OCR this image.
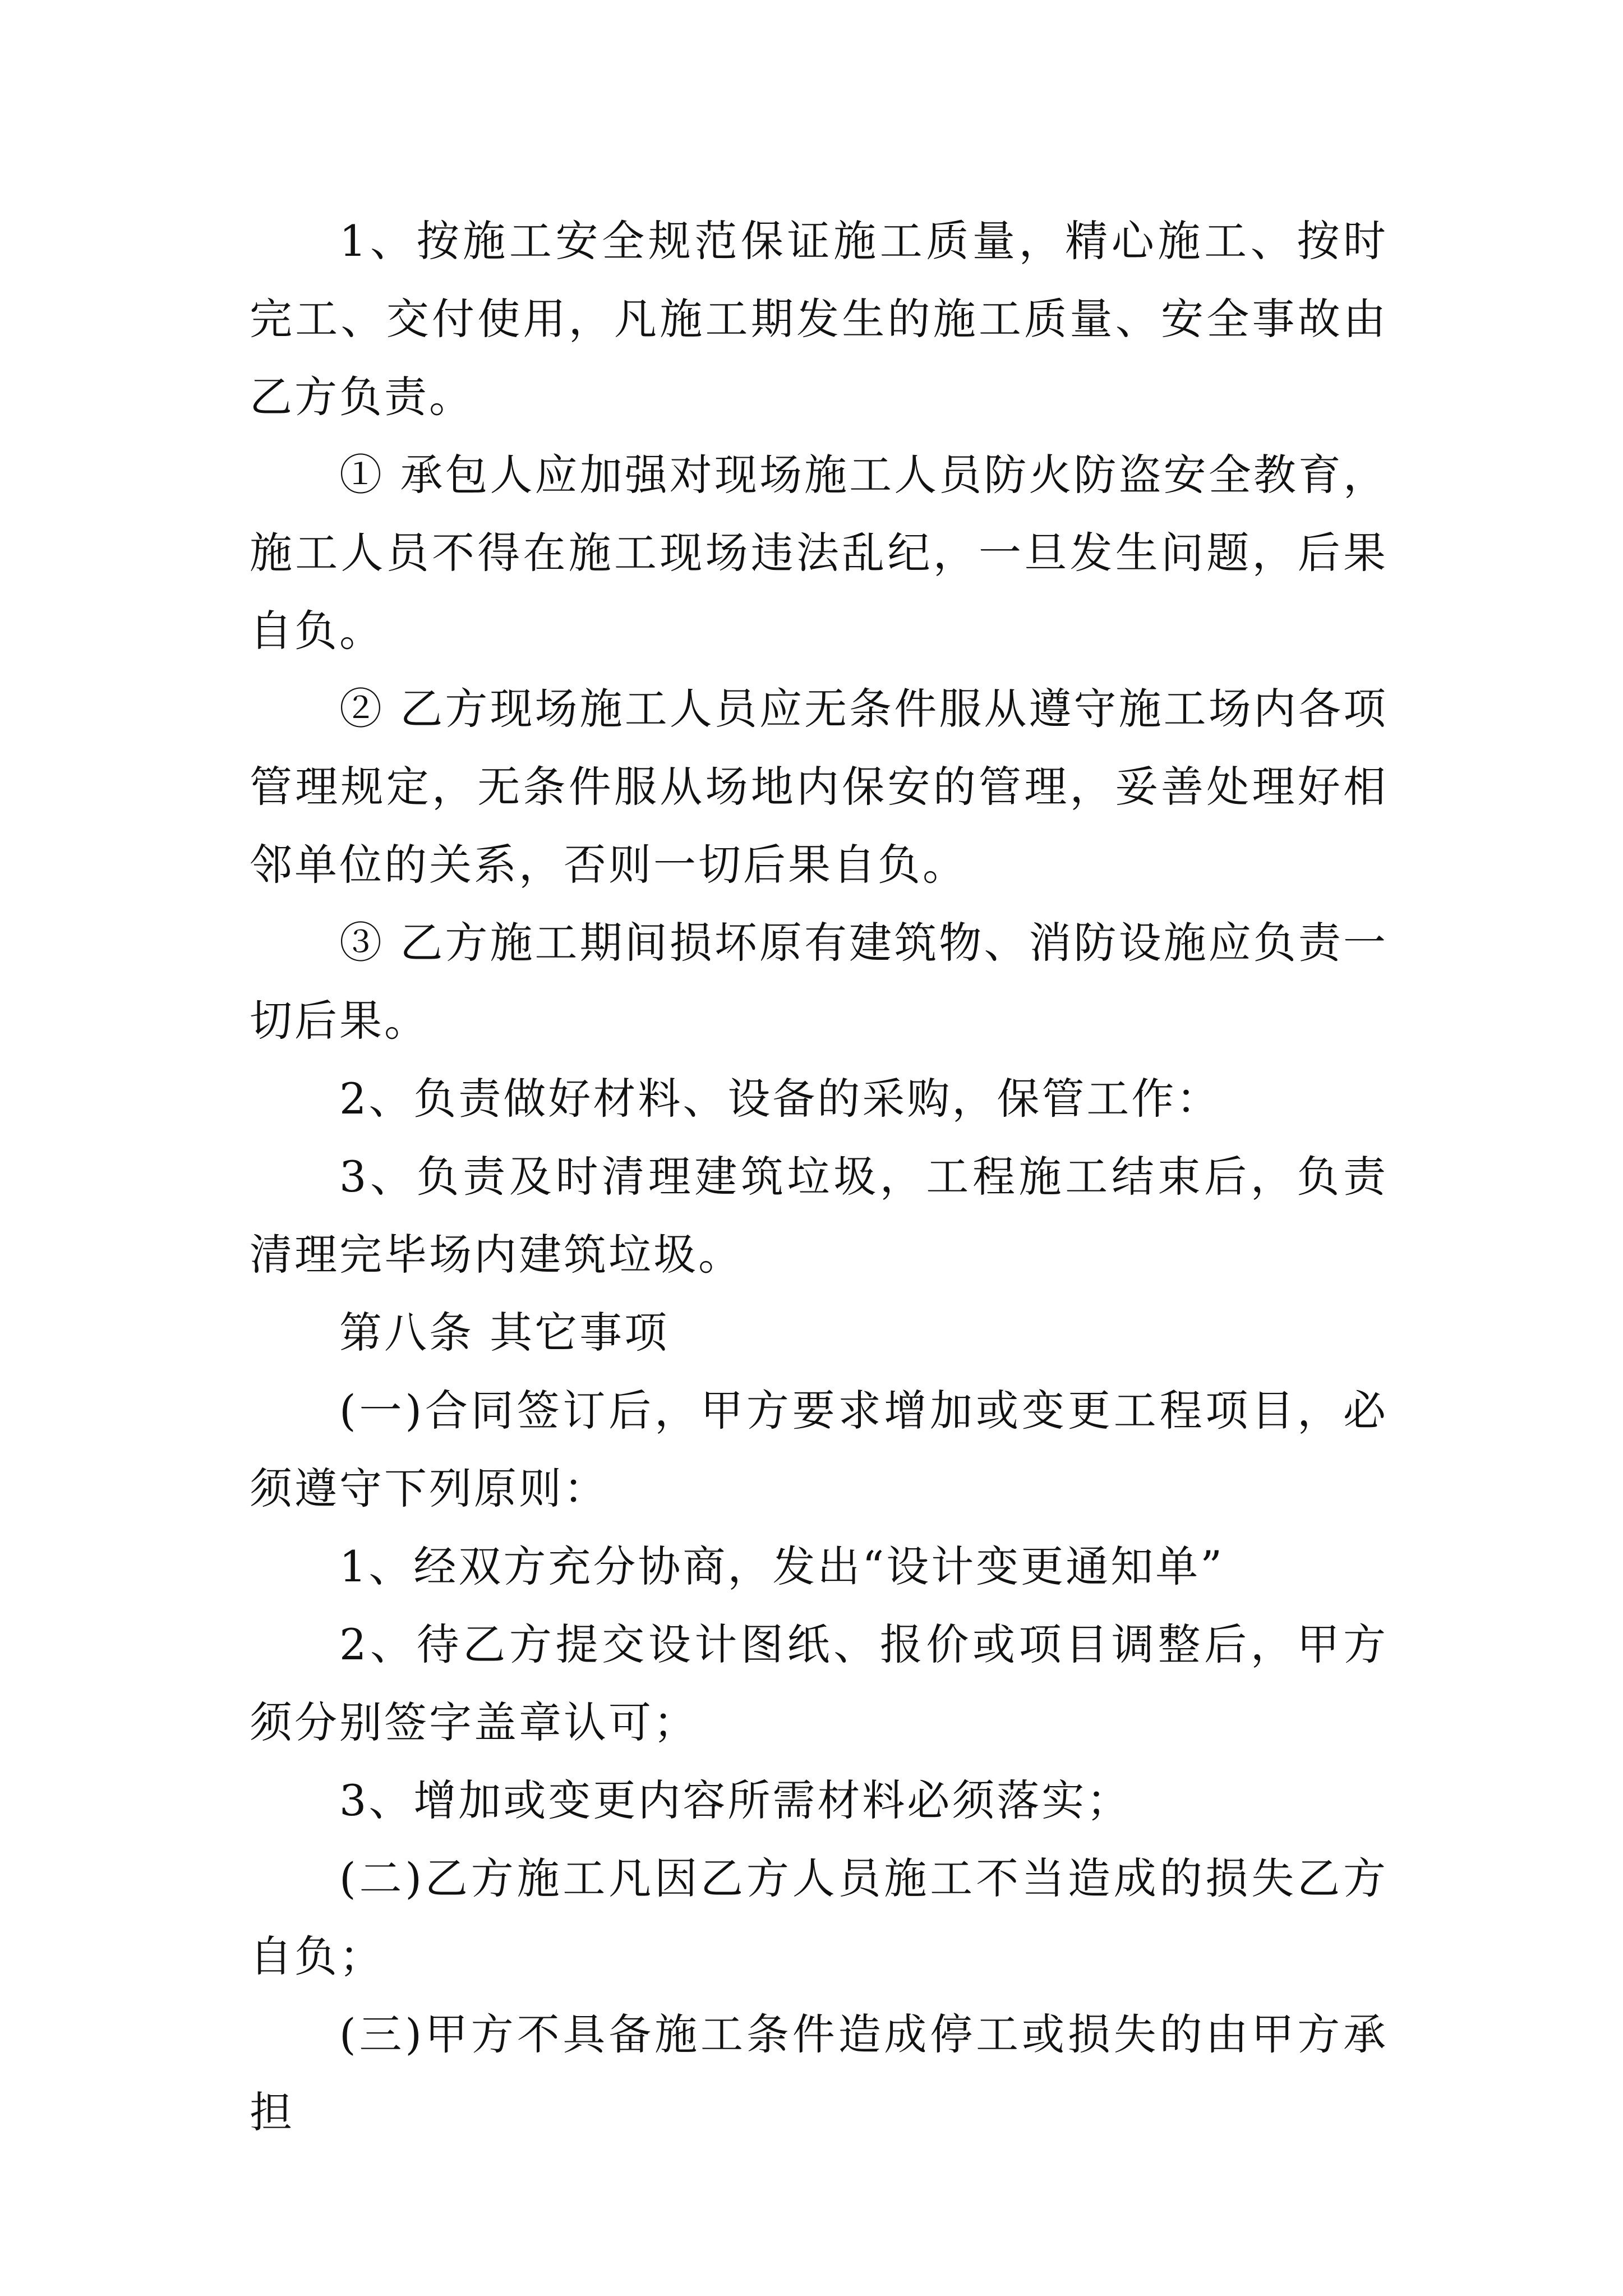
1、按施工安全规范保证施工质量，精心施工、按时完工、交付使用，凡施工期发生的施工质量、安全事故由乙方负责。

① 承包人应加强对现场施工人员防火防盗安全教育，施工人员不得在施工现场违法乱纪，一旦发生问题，后果自负。

② 乙方现场施工人员应无条件服从遵守施工场内各项管理规定，无条件服从场地内保安的管理，妥善处理好相邻单位的关系，否则一切后果自负。

③ 乙方施工期间损坏原有建筑物、消防设施应负责一切后果。

2、负责做好材料、设备的采购，保管工作：

3、负责及时清理建筑垃圾，工程施工结束后，负责清理完毕场内建筑垃圾。

第八条 其它事项

(一)合同签订后，甲方要求增加或变更工程项目，必须遵守下列原则：

1、经双方充分协商，发出“设计变更通知单”

2、待乙方提交设计图纸、报价或项目调整后，甲方须分别签字盖章认可；

3、增加或变更内容所需材料必须落实；

(二)乙方施工凡因乙方人员施工不当造成的损失乙方自负；

(三)甲方不具备施工条件造成停工或损失的由甲方承担
